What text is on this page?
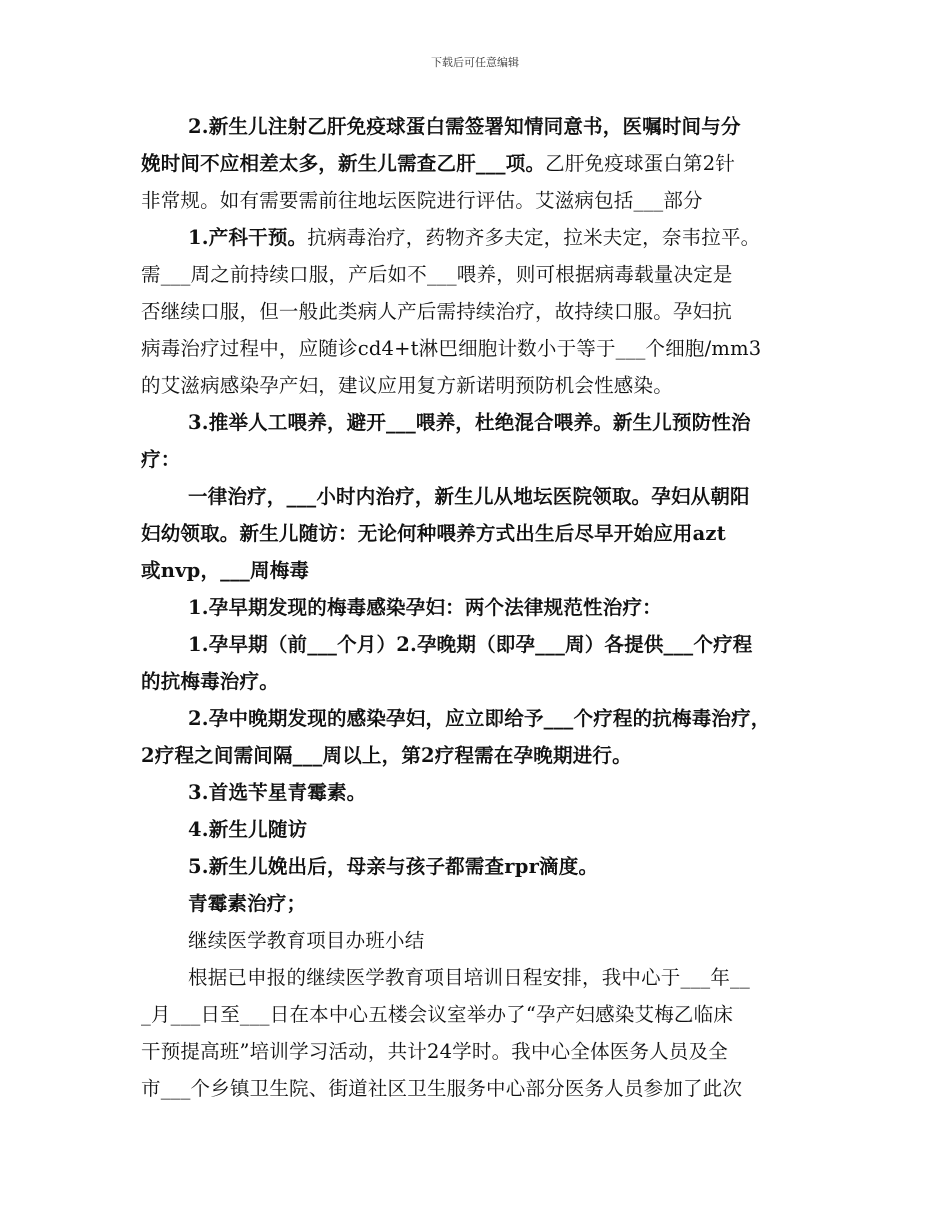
下载后可任意编辑
2.新生儿注射乙肝免疫球蛋白需签署知情同意书，医嘱时间与分
娩时间不应相差太多，新生儿需查乙肝___项。乙肝免疫球蛋白第2针
非常规。如有需要需前往地坛医院进行评估。艾滋病包括___部分
1.产科干预。抗病毒治疗，药物齐多夫定，拉米夫定，奈韦拉平。
需___周之前持续口服，产后如不___喂养，则可根据病毒载量决定是
否继续口服，但一般此类病人产后需持续治疗，故持续口服。孕妇抗
病毒治疗过程中，应随诊cd4+t淋巴细胞计数小于等于___个细胞/mm3
的艾滋病感染孕产妇，建议应用复方新诺明预防机会性感染。
3.推举人工喂养，避开___喂养，杜绝混合喂养。新生儿预防性治
疗：
一律治疗，___小时内治疗，新生儿从地坛医院领取。孕妇从朝阳
妇幼领取。新生儿随访：无论何种喂养方式出生后尽早开始应用azt
或nvp，___周梅毒
1.孕早期发现的梅毒感染孕妇：两个法律规范性治疗：
1.孕早期（前___个月）2.孕晚期（即孕___周）各提供___个疗程
的抗梅毒治疗。
2.孕中晚期发现的感染孕妇，应立即给予___个疗程的抗梅毒治疗，
2疗程之间需间隔___周以上，第2疗程需在孕晚期进行。
3.首选苄星青霉素。
4.新生儿随访
5.新生儿娩出后，母亲与孩子都需查rpr滴度。
青霉素治疗；
继续医学教育项目办班小结
根据已申报的继续医学教育项目培训日程安排，我中心于___年__
_月___日至___日在本中心五楼会议室举办了“孕产妇感染艾梅乙临床
干预提高班”培训学习活动，共计24学时。我中心全体医务人员及全
市___个乡镇卫生院、街道社区卫生服务中心部分医务人员参加了此次
